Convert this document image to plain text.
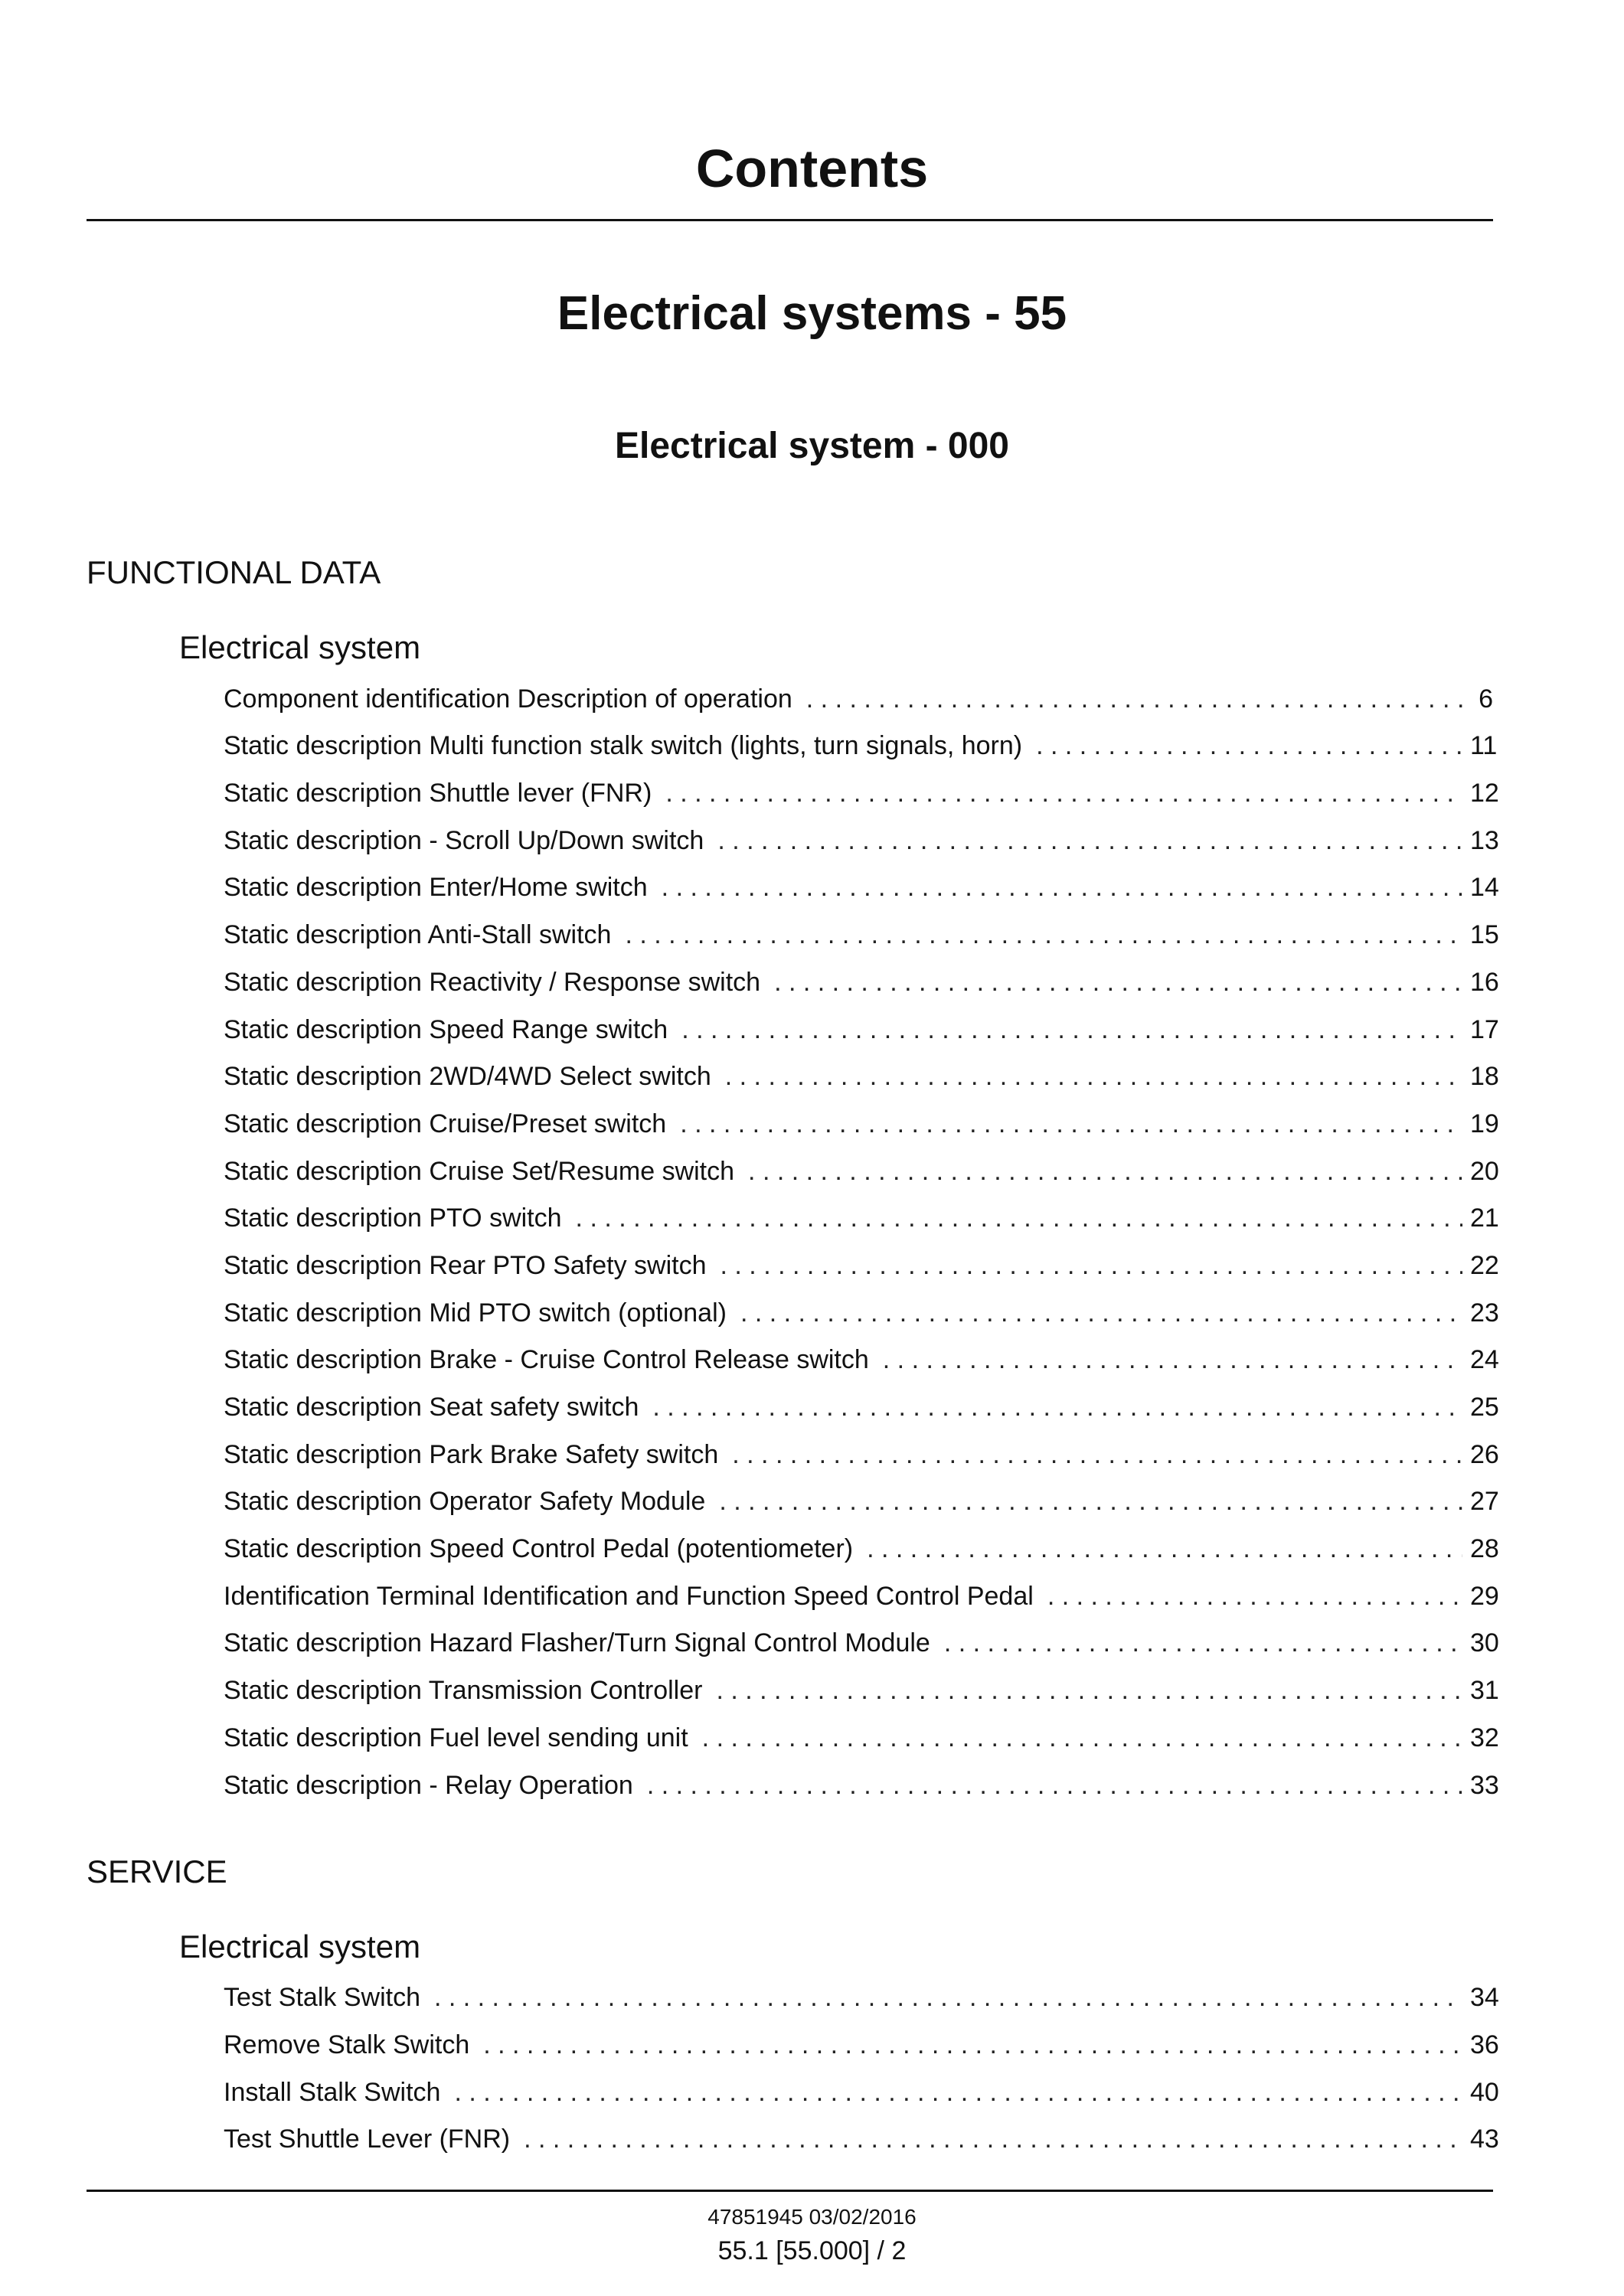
Contents
Electrical systems - 55
Electrical system - 000
FUNCTIONAL DATA
Electrical system
Component identification Description of operation . . .	6
Static description Multi function stalk switch (lights, turn signals, horn) . . .	11
Static description Shuttle lever (FNR) . . .	12
Static description - Scroll Up/Down switch . . .	13
Static description Enter/Home switch . . .	14
Static description Anti-Stall switch . . .	15
Static description Reactivity / Response switch . . .	16
Static description Speed Range switch . . .	17
Static description 2WD/4WD Select switch . . .	18
Static description Cruise/Preset switch . . .	19
Static description Cruise Set/Resume switch . . .	20
Static description PTO switch . . .	21
Static description Rear PTO Safety switch . . .	22
Static description Mid PTO switch (optional) . . .	23
Static description Brake - Cruise Control Release switch . . .	24
Static description Seat safety switch . . .	25
Static description Park Brake Safety switch . . .	26
Static description Operator Safety Module . . .	27
Static description Speed Control Pedal (potentiometer) . . .	28
Identification Terminal Identification and Function Speed Control Pedal . . .	29
Static description Hazard Flasher/Turn Signal Control Module . . .	30
Static description Transmission Controller . . .	31
Static description Fuel level sending unit . . .	32
Static description - Relay Operation . . .	33
SERVICE
Electrical system
Test Stalk Switch . . .	34
Remove Stalk Switch . . .	36
Install Stalk Switch . . .	40
Test Shuttle Lever (FNR) . . .	43
47851945 03/02/2016
55.1 [55.000] / 2
